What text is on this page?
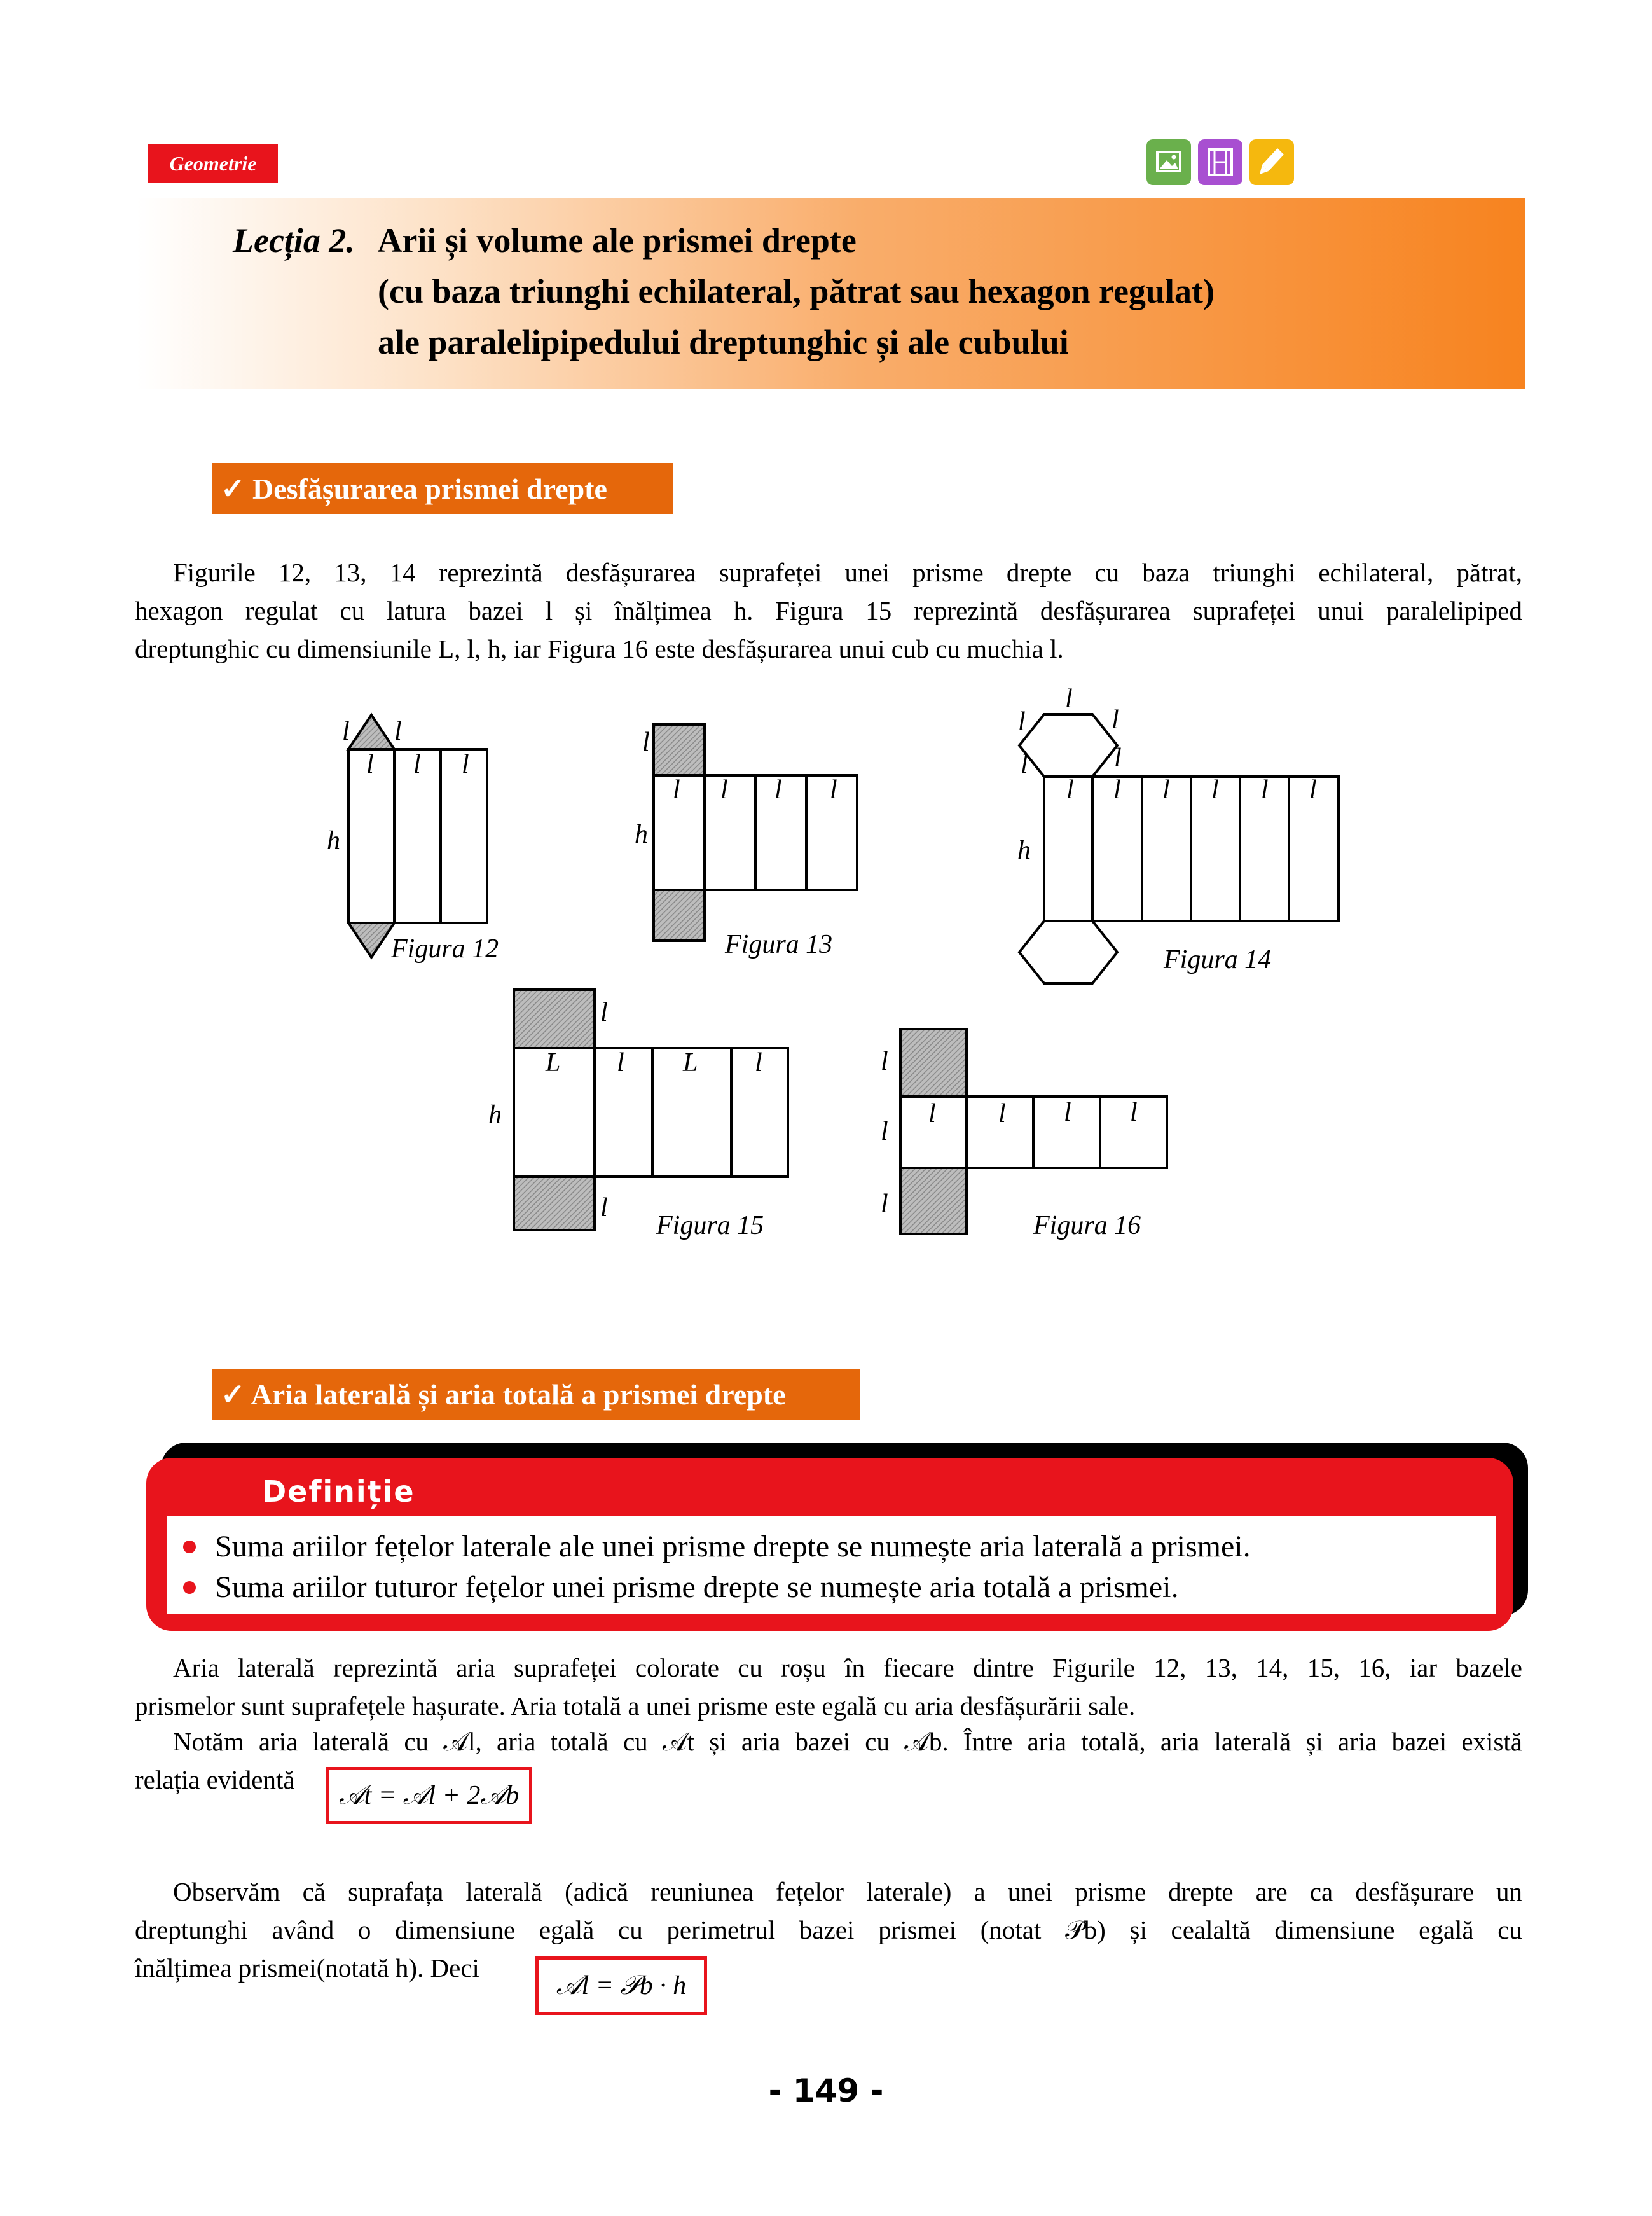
Geometrie
Lecția 2. Arii și volume ale prismei drepte
(cu baza triunghi echilateral, pătrat sau hexagon regulat)
ale paralelipipedului dreptunghic și ale cubului
✓ Desfășurarea prismei drepte
Figurile 12, 13, 14 reprezintă desfășurarea suprafeței unei prisme drepte cu baza triunghi echilateral, pătrat,
hexagon regulat cu latura bazei l și înălțimea h. Figura 15 reprezintă desfășurarea suprafeței unui paralelipiped
dreptunghic cu dimensiunile L, l, h, iar Figura 16 este desfășurarea unui cub cu muchia l.
l l
l l l
h
l
l l l l
h
l
l	l
l	l
l l l l l l
h
l
L l L l
h
l
l
l
l l l l
l
Figura 12	Figura 13
Figura 14
Figura 15	Figura 16
✓ Aria laterală și aria totală a prismei drepte
Definiție
Suma ariilor fețelor laterale ale unei prisme drepte se numește aria laterală a prismei.
Suma ariilor tuturor fețelor unei prisme drepte se numește aria totală a prismei.
Aria laterală reprezintă aria suprafeței colorate cu roșu în fiecare dintre Figurile 12, 13, 14, 15, 16, iar bazele
prismelor sunt suprafețele hașurate. Aria totală a unei prisme este egală cu aria desfășurării sale.
Notăm aria laterală cu 𝒜l, aria totală cu 𝒜t și aria bazei cu 𝒜b. Între aria totală, aria laterală și aria bazei există
relația evidentă
𝒜t = 𝒜l + 2𝒜b
Observăm că suprafața laterală (adică reuniunea fețelor laterale) a unei prisme drepte are ca desfășurare un
dreptunghi având o dimensiune egală cu perimetrul bazei prismei (notat 𝒫b) și cealaltă dimensiune egală cu
înălțimea prismei(notată h). Deci
𝒜l = 𝒫b · h
- 149 -
